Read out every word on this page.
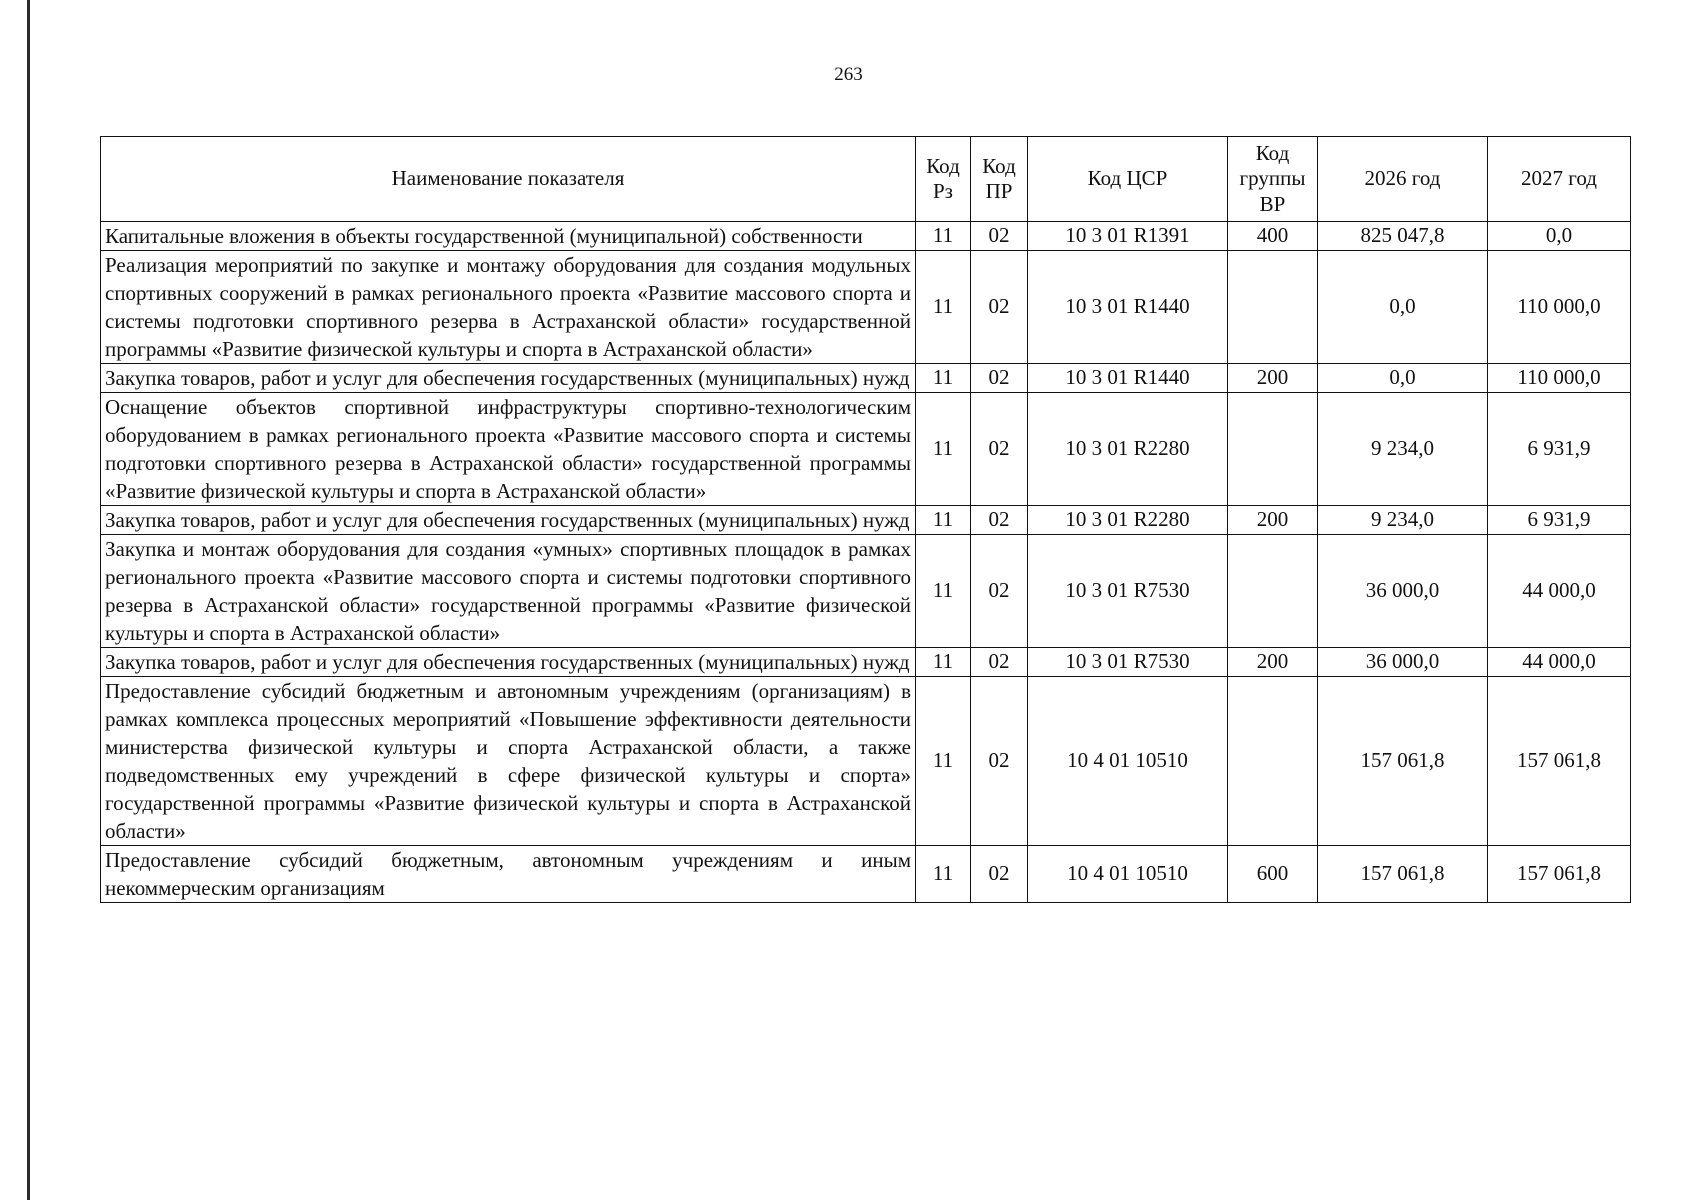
263
Наименование показателя	Код Рз	Код ПР	Код ЦСР	Код группы ВР	2026 год	2027 год
Капитальные вложения в объекты государственной (муниципальной) собственности	11	02	10 3 01 R1391	400	825 047,8	0,0
Реализация мероприятий по закупке и монтажу оборудования для создания модульных спортивных сооружений в рамках регионального проекта «Развитие массового спорта и системы подготовки спортивного резерва в Астраханской области» государственной программы «Развитие физической культуры и спорта в Астраханской области»	11	02	10 3 01 R1440		0,0	110 000,0
Закупка товаров, работ и услуг для обеспечения государственных (муниципальных) нужд	11	02	10 3 01 R1440	200	0,0	110 000,0
Оснащение объектов спортивной инфраструктуры спортивно-технологическим оборудованием в рамках регионального проекта «Развитие массового спорта и системы подготовки спортивного резерва в Астраханской области» государственной программы «Развитие физической культуры и спорта в Астраханской области»	11	02	10 3 01 R2280		9 234,0	6 931,9
Закупка товаров, работ и услуг для обеспечения государственных (муниципальных) нужд	11	02	10 3 01 R2280	200	9 234,0	6 931,9
Закупка и монтаж оборудования для создания «умных» спортивных площадок в рамках регионального проекта «Развитие массового спорта и системы подготовки спортивного резерва в Астраханской области» государственной программы «Развитие физической культуры и спорта в Астраханской области»	11	02	10 3 01 R7530		36 000,0	44 000,0
Закупка товаров, работ и услуг для обеспечения государственных (муниципальных) нужд	11	02	10 3 01 R7530	200	36 000,0	44 000,0
Предоставление субсидий бюджетным и автономным учреждениям (организациям) в рамках комплекса процессных мероприятий «Повышение эффективности деятельности министерства физической культуры и спорта Астраханской области, а также подведомственных ему учреждений в сфере физической культуры и спорта» государственной программы «Развитие физической культуры и спорта в Астраханской области»	11	02	10 4 01 10510		157 061,8	157 061,8
Предоставление субсидий бюджетным, автономным учреждениям и иным некоммерческим организациям	11	02	10 4 01 10510	600	157 061,8	157 061,8
